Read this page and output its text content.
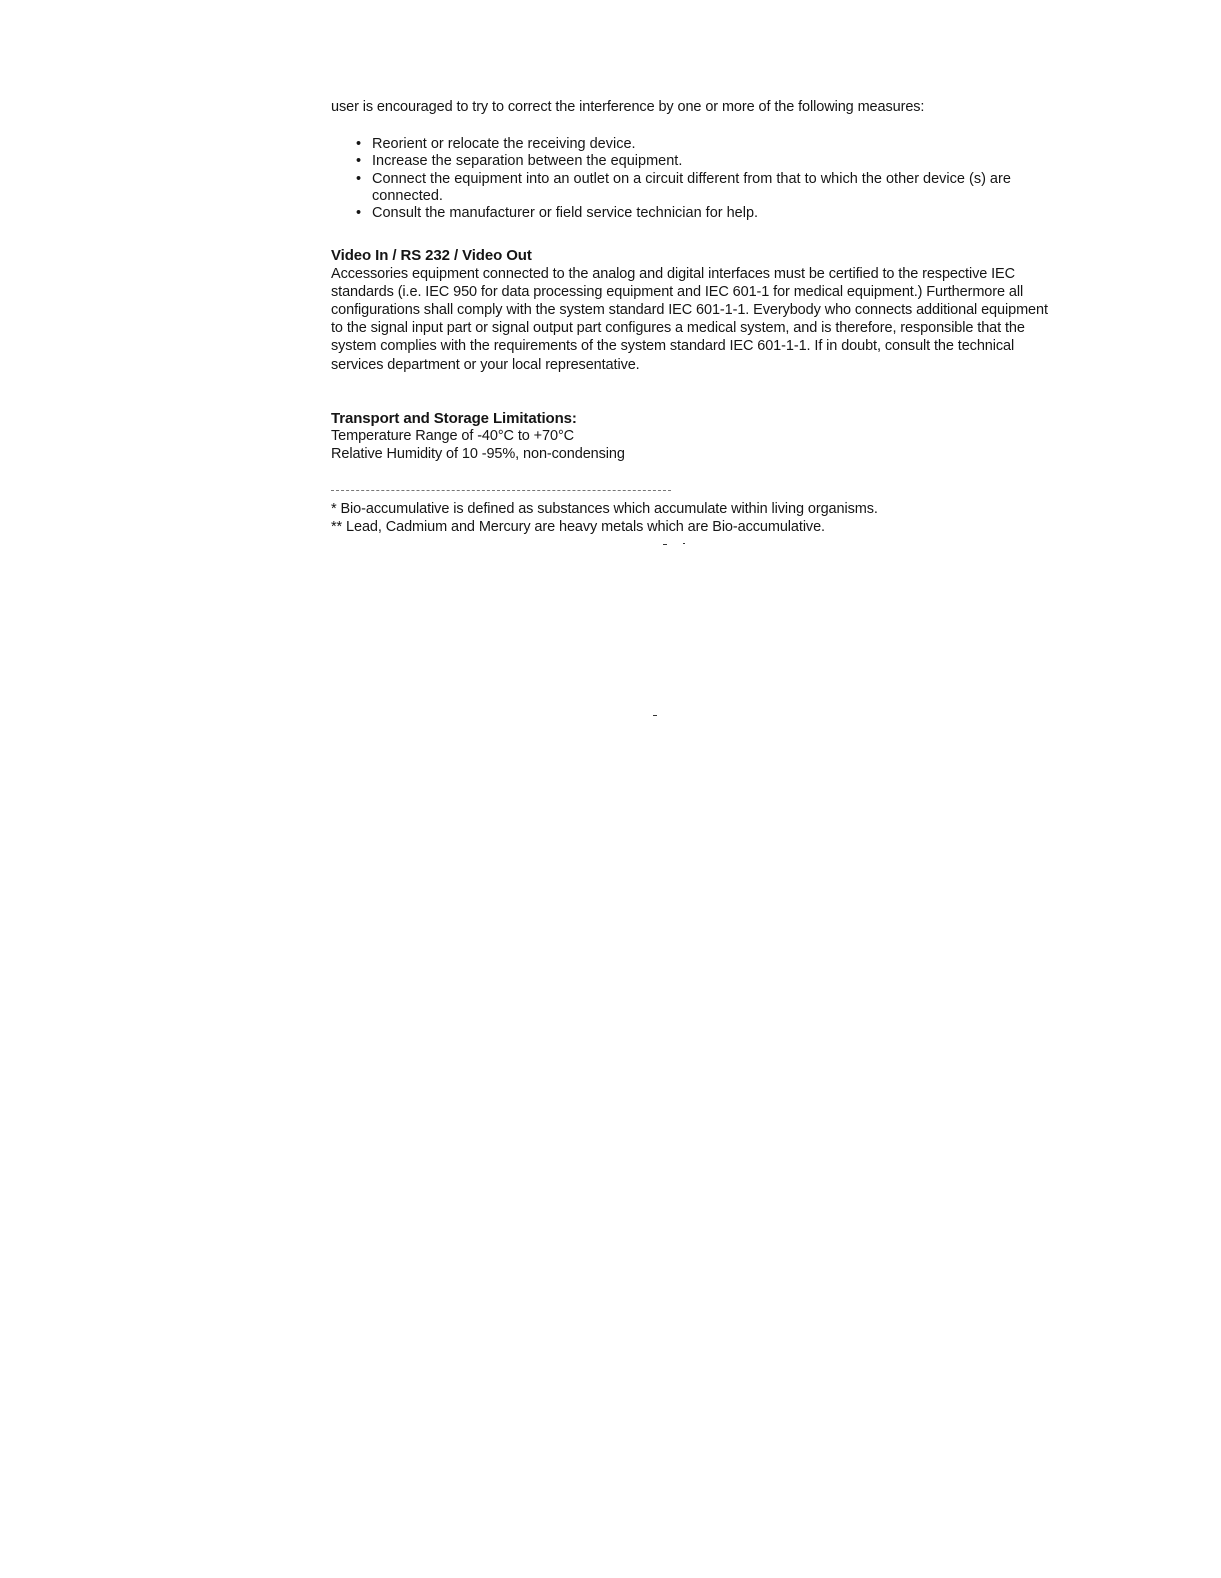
user is encouraged to try to correct the interference by one or more of the following measures:

• Reorient or relocate the receiving device.
• Increase the separation between the equipment.
• Connect the equipment into an outlet on a circuit different from that to which the other device (s) are connected.
• Consult the manufacturer or field service technician for help.

Video In / RS 232 / Video Out

Accessories equipment connected to the analog and digital interfaces must be certified to the respective IEC standards (i.e. IEC 950 for data processing equipment and IEC 601-1 for medical equipment.) Furthermore all configurations shall comply with the system standard IEC 601-1-1. Everybody who connects additional equipment to the signal input part or signal output part configures a medical system, and is therefore, responsible that the system complies with the requirements of the system standard IEC 601-1-1. If in doubt, consult the technical services department or your local representative.

Transport and Storage Limitations:

Temperature Range of -40°C to +70°C

Relative Humidity of 10 -95%, non-condensing

* Bio-accumulative is defined as substances which accumulate within living organisms.

** Lead, Cadmium and Mercury are heavy metals which are Bio-accumulative.
